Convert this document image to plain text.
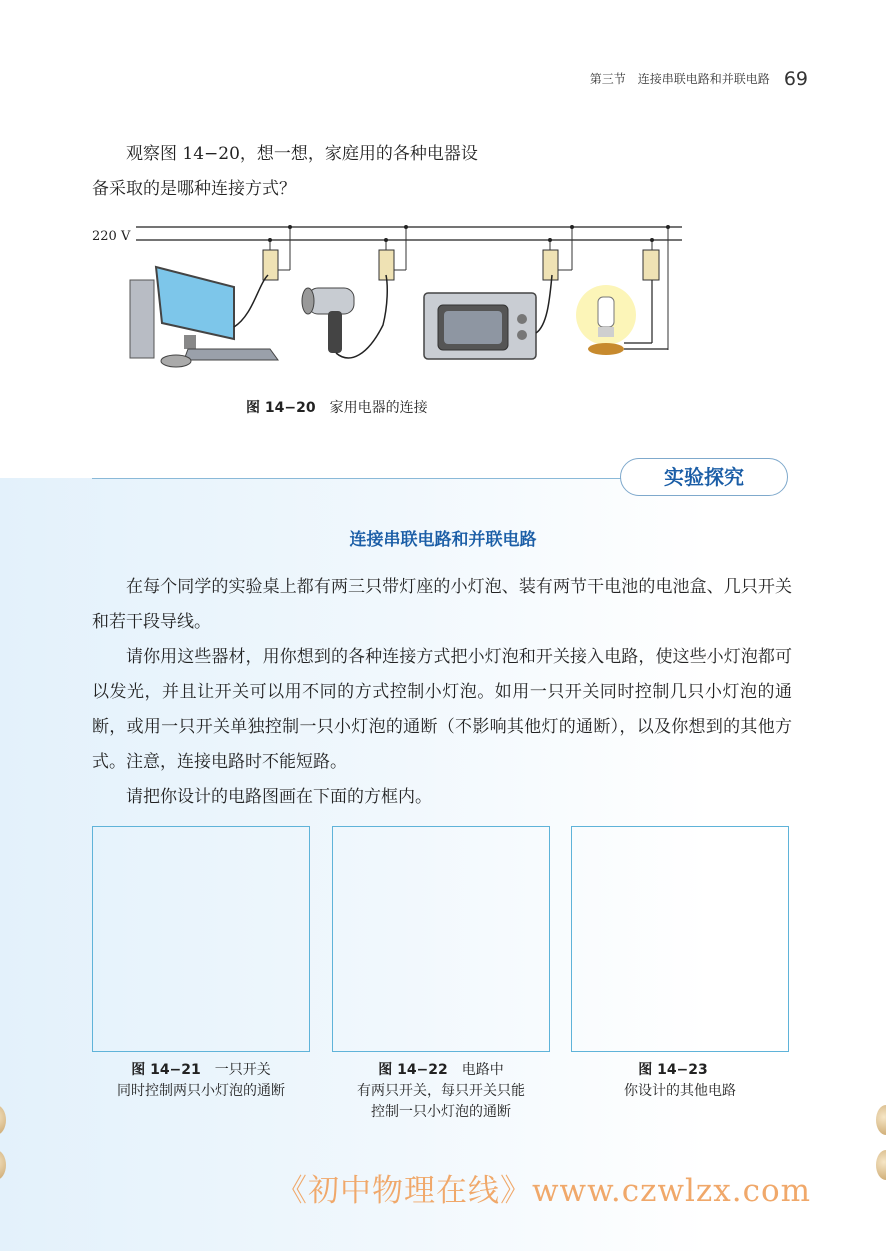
第三节　连接串联电路和并联电路 69
观察图 14−20，想一想，家庭用的各种电器设
备采取的是哪种连接方式？
220 V
图 14−20 家用电器的连接
实验探究
连接串联电路和并联电路
在每个同学的实验桌上都有两三只带灯座的小灯泡、装有两节干电池的电池盒、几只开关和若干段导线。
请你用这些器材，用你想到的各种连接方式把小灯泡和开关接入电路，使这些小灯泡都可以发光，并且让开关可以用不同的方式控制小灯泡。如用一只开关同时控制几只小灯泡的通断，或用一只开关单独控制一只小灯泡的通断（不影响其他灯的通断），以及你想到的其他方式。注意，连接电路时不能短路。
请把你设计的电路图画在下面的方框内。
图 14−21 一只开关
同时控制两只小灯泡的通断
图 14−22 电路中
有两只开关，每只开关只能
控制一只小灯泡的通断
图 14−23
你设计的其他电路
《初中物理在线》www.czwlzx.com
